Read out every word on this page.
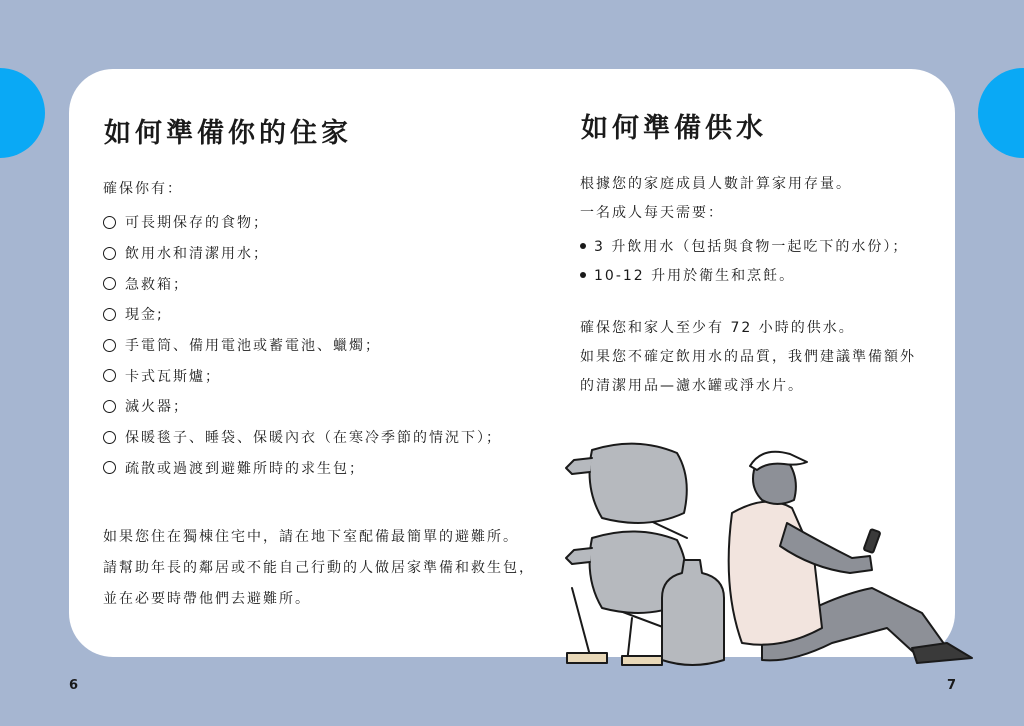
如何準備你的住家

確保你有：

可長期保存的食物；
飲用水和清潔用水；
急救箱；
現金;
手電筒、備用電池或蓄電池、蠟燭；
卡式瓦斯爐；
滅火器；
保暖毯子、睡袋、保暖內衣（在寒冷季節的情況下）；
疏散或過渡到避難所時的求生包；

如果您住在獨棟住宅中，請在地下室配備最簡單的避難所。

請幫助年長的鄰居或不能自己行動的人做居家準備和救生包，

並在必要時帶他們去避難所。

如何準備供水

根據您的家庭成員人數計算家用存量。

一名成人每天需要：

3 升飲用水（包括與食物一起吃下的水份）；
10-12 升用於衛生和烹飪。

確保您和家人至少有 72 小時的供水。

如果您不確定飲用水的品質，我們建議準備額外

的清潔用品—濾水罐或淨水片。

6	7
